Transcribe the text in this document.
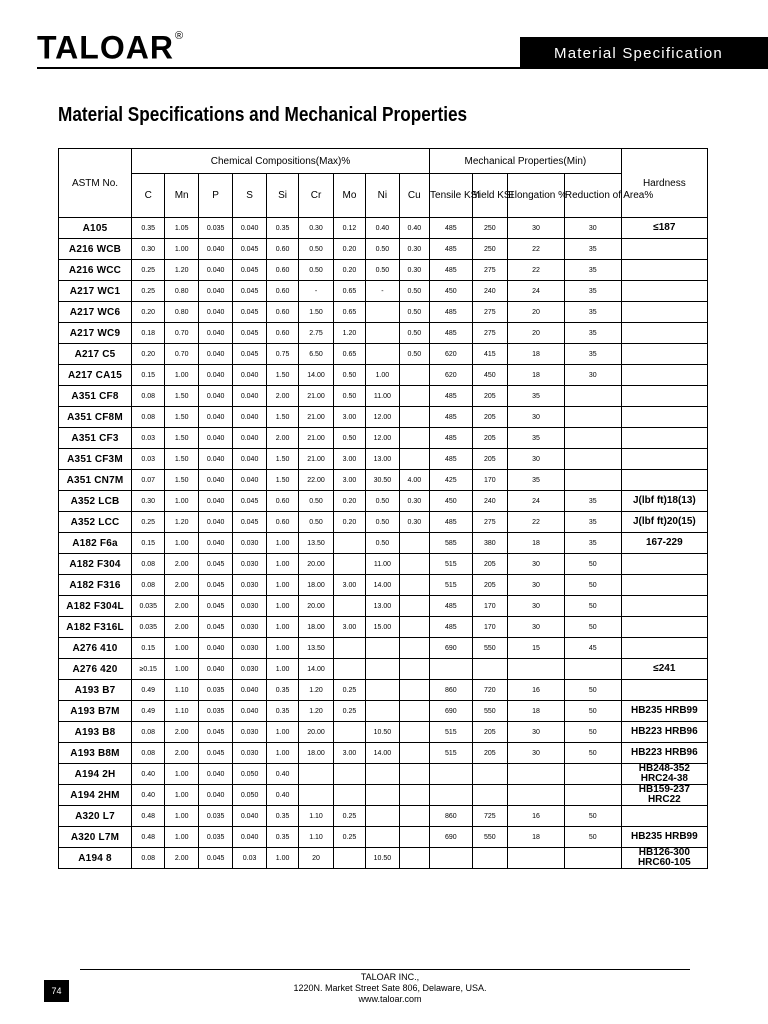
TALOAR®
Material Specification
Material Specifications and Mechanical Properties
ASTM No.	Chemical Compositions(Max)%									Mechanical Properties(Min)				Hardness
	C	Mn	P	S	Si	Cr	Mo	Ni	Cu	Tensile KSI	Yield KSI	Elongation %	Reduction of Area%	
A105	0.35	1.05	0.035	0.040	0.35	0.30	0.12	0.40	0.40	485	250	30	30	≤187
A216 WCB	0.30	1.00	0.040	0.045	0.60	0.50	0.20	0.50	0.30	485	250	22	35	
A216 WCC	0.25	1.20	0.040	0.045	0.60	0.50	0.20	0.50	0.30	485	275	22	35	
A217 WC1	0.25	0.80	0.040	0.045	0.60	-	0.65	-	0.50	450	240	24	35	
A217 WC6	0.20	0.80	0.040	0.045	0.60	1.50	0.65		0.50	485	275	20	35	
A217 WC9	0.18	0.70	0.040	0.045	0.60	2.75	1.20		0.50	485	275	20	35	
A217 C5	0.20	0.70	0.040	0.045	0.75	6.50	0.65		0.50	620	415	18	35	
A217 CA15	0.15	1.00	0.040	0.040	1.50	14.00	0.50	1.00		620	450	18	30	
A351 CF8	0.08	1.50	0.040	0.040	2.00	21.00	0.50	11.00		485	205	35		
A351 CF8M	0.08	1.50	0.040	0.040	1.50	21.00	3.00	12.00		485	205	30		
A351 CF3	0.03	1.50	0.040	0.040	2.00	21.00	0.50	12.00		485	205	35		
A351 CF3M	0.03	1.50	0.040	0.040	1.50	21.00	3.00	13.00		485	205	30		
A351 CN7M	0.07	1.50	0.040	0.040	1.50	22.00	3.00	30.50	4.00	425	170	35		
A352 LCB	0.30	1.00	0.040	0.045	0.60	0.50	0.20	0.50	0.30	450	240	24	35	J(lbf ft)18(13)
A352 LCC	0.25	1.20	0.040	0.045	0.60	0.50	0.20	0.50	0.30	485	275	22	35	J(lbf ft)20(15)
A182 F6a	0.15	1.00	0.040	0.030	1.00	13.50		0.50		585	380	18	35	167-229
A182 F304	0.08	2.00	0.045	0.030	1.00	20.00		11.00		515	205	30	50	
A182 F316	0.08	2.00	0.045	0.030	1.00	18.00	3.00	14.00		515	205	30	50	
A182 F304L	0.035	2.00	0.045	0.030	1.00	20.00		13.00		485	170	30	50	
A182 F316L	0.035	2.00	0.045	0.030	1.00	18.00	3.00	15.00		485	170	30	50	
A276 410	0.15	1.00	0.040	0.030	1.00	13.50				690	550	15	45	
A276 420	≥0.15	1.00	0.040	0.030	1.00	14.00								≤241
A193 B7	0.49	1.10	0.035	0.040	0.35	1.20	0.25			860	720	16	50	
A193 B7M	0.49	1.10	0.035	0.040	0.35	1.20	0.25			690	550	18	50	HB235 HRB99
A193 B8	0.08	2.00	0.045	0.030	1.00	20.00		10.50		515	205	30	50	HB223 HRB96
A193 B8M	0.08	2.00	0.045	0.030	1.00	18.00	3.00	14.00		515	205	30	50	HB223 HRB96
A194 2H	0.40	1.00	0.040	0.050	0.40									HB248-352 HRC24-38
A194 2HM	0.40	1.00	0.040	0.050	0.40									HB159-237 HRC22
A320 L7	0.48	1.00	0.035	0.040	0.35	1.10	0.25			860	725	16	50	
A320 L7M	0.48	1.00	0.035	0.040	0.35	1.10	0.25			690	550	18	50	HB235 HRB99
A194 8	0.08	2.00	0.045	0.03	1.00	20		10.50						HB126-300 HRC60-105
74
TALOAR INC.,
1220N. Market Street Sate 806, Delaware, USA.
www.taloar.com
